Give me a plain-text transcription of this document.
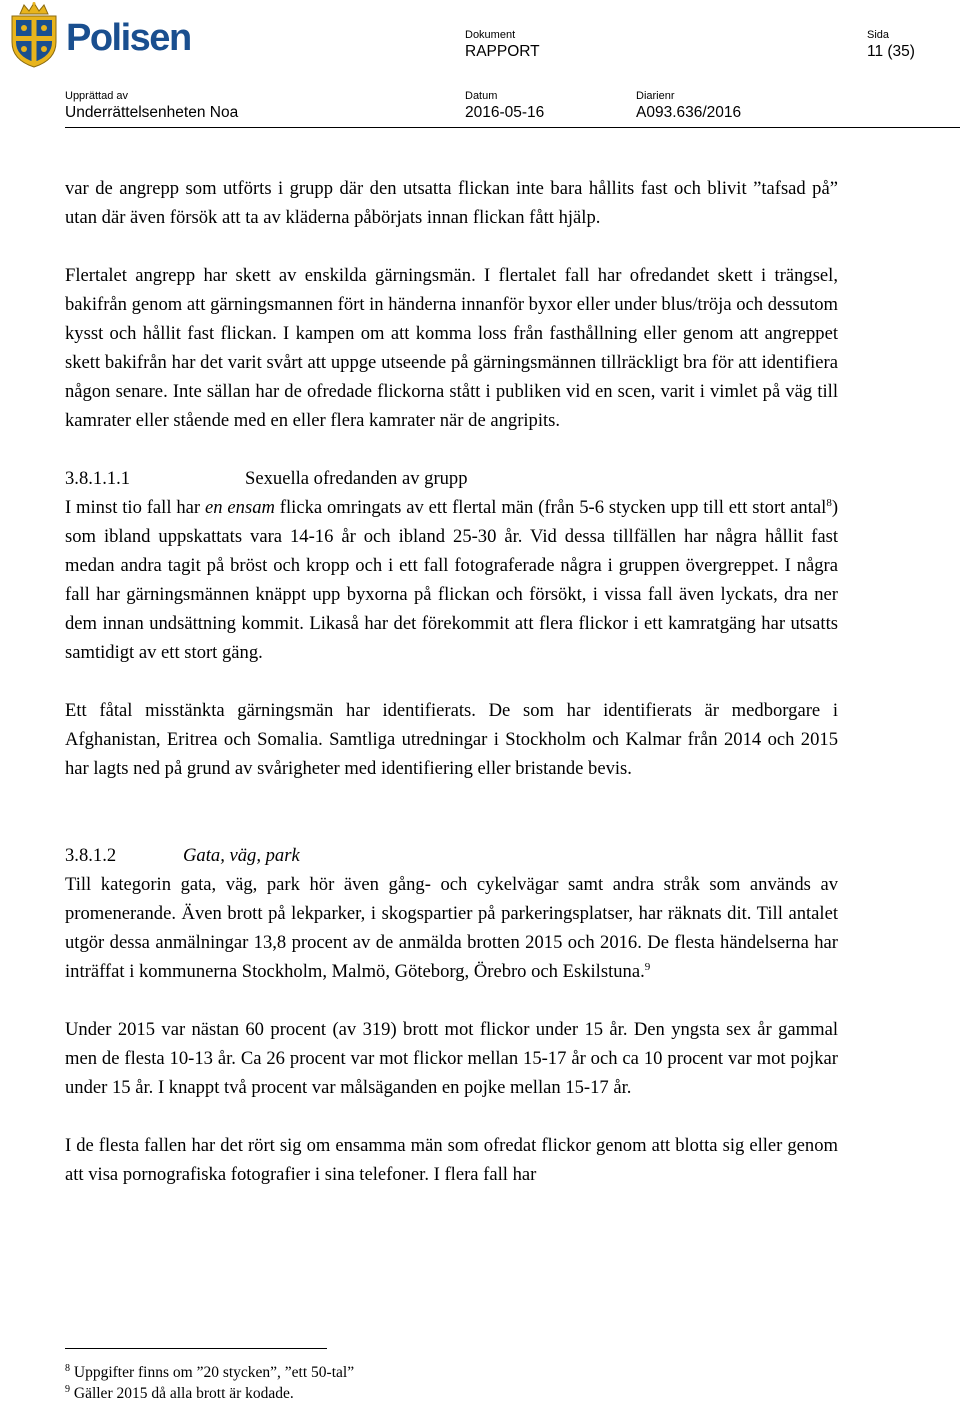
Polisen	Dokument
RAPPORT
Sida
11 (35)
Upprättad av
Underrättelsenheten Noa
Datum
2016-05-16
Diarienr
A093.636/2016

var de angrepp som utförts i grupp där den utsatta flickan inte bara hållits fast och blivit ”tafsad på” utan där även försök att ta av kläderna påbörjats innan flickan fått hjälp.

Flertalet angrepp har skett av enskilda gärningsmän. I flertalet fall har ofredandet skett i trängsel, bakifrån genom att gärningsmannen fört in händerna innanför byxor eller under blus/tröja och dessutom kysst och hållit fast flickan. I kampen om att komma loss från fasthållning eller genom att angreppet skett bakifrån har det varit svårt att uppge utseende på gärningsmännen tillräckligt bra för att identifiera någon senare. Inte sällan har de ofredade flickorna stått i publiken vid en scen, varit i vimlet på väg till kamrater eller stående med en eller flera kamrater när de angripits.

3.8.1.1.1	Sexuella ofredanden av grupp

I minst tio fall har en ensam flicka omringats av ett flertal män (från 5-6 stycken upp till ett stort antal$^8$) som ibland uppskattats vara 14-16 år och ibland 25-30 år. Vid dessa tillfällen har några hållit fast medan andra tagit på bröst och kropp och i ett fall fotograferade några i gruppen övergreppet. I några fall har gärningsmännen knäppt upp byxorna på flickan och försökt, i vissa fall även lyckats, dra ner dem innan undsättning kommit. Likaså har det förekommit att flera flickor i ett kamratgäng har utsatts samtidigt av ett stort gäng.

Ett fåtal misstänkta gärningsmän har identifierats. De som har identifierats är medborgare i Afghanistan, Eritrea och Somalia. Samtliga utredningar i Stockholm och Kalmar från 2014 och 2015 har lagts ned på grund av svårigheter med identifiering eller bristande bevis.

3.8.1.2	Gata, väg, park

Till kategorin gata, väg, park hör även gång- och cykelvägar samt andra stråk som används av promenerande. Även brott på lekparker, i skogspartier på parkeringsplatser, har räknats dit. Till antalet utgör dessa anmälningar 13,8 procent av de anmälda brotten 2015 och 2016. De flesta händelserna har inträffat i kommunerna Stockholm, Malmö, Göteborg, Örebro och Eskilstuna.$^9$

Under 2015 var nästan 60 procent (av 319) brott mot flickor under 15 år. Den yngsta sex år gammal men de flesta 10-13 år. Ca 26 procent var mot flickor mellan 15-17 år och ca 10 procent var mot pojkar under 15 år. I knappt två procent var målsäganden en pojke mellan 15-17 år.

I de flesta fallen har det rört sig om ensamma män som ofredat flickor genom att blotta sig eller genom att visa pornografiska fotografier i sina telefoner. I flera fall har

$^8$ Uppgifter finns om ”20 stycken”, ”ett 50-tal”
$^9$ Gäller 2015 då alla brott är kodade.
